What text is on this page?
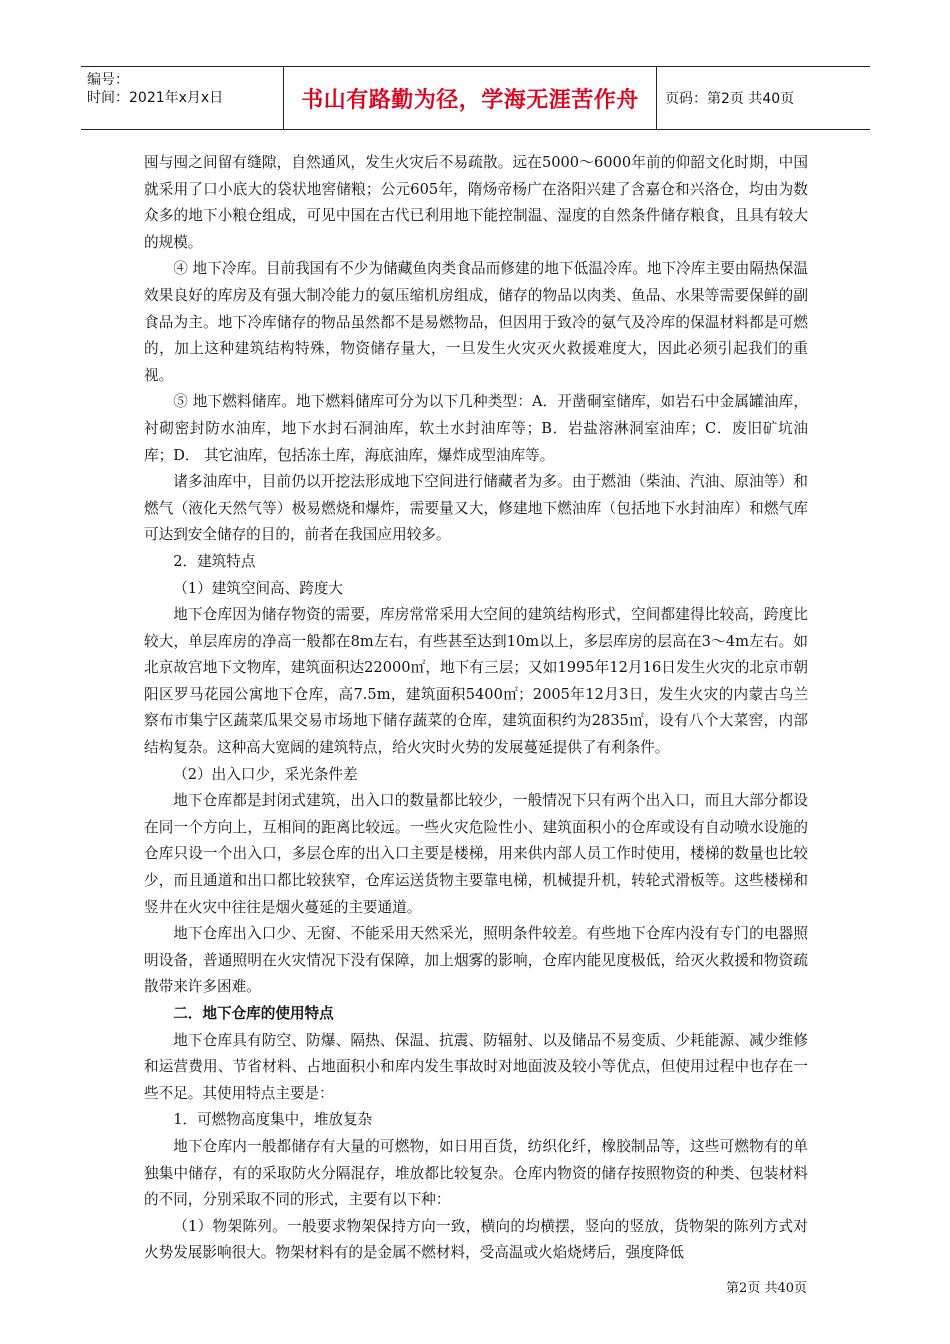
编号：
时间：2021年x月x日	书山有路勤为径，学海无涯苦作舟	页码：第2页 共40页

囤与囤之间留有缝隙，自然通风，发生火灾后不易疏散。远在5000～6000年前的仰韶文化时期，中国就采用了口小底大的袋状地窖储粮；公元605年，隋炀帝杨广在洛阳兴建了含嘉仓和兴洛仓，均由为数众多的地下小粮仓组成，可见中国在古代已利用地下能控制温、湿度的自然条件储存粮食，且具有较大的规模。

④ 地下冷库。目前我国有不少为储藏鱼肉类食品而修建的地下低温冷库。地下冷库主要由隔热保温效果良好的库房及有强大制冷能力的氨压缩机房组成，储存的物品以肉类、鱼品、水果等需要保鲜的副食品为主。地下冷库储存的物品虽然都不是易燃物品，但因用于致冷的氨气及冷库的保温材料都是可燃的，加上这种建筑结构特殊，物资储存量大，一旦发生火灾灭火救援难度大，因此必须引起我们的重视。

⑤ 地下燃料储库。地下燃料储库可分为以下几种类型：A．开凿硐室储库，如岩石中金属罐油库，衬砌密封防水油库，地下水封石洞油库，软土水封油库等；B．岩盐溶淋洞室油库；C．废旧矿坑油库；D． 其它油库，包括冻土库，海底油库，爆炸成型油库等。

诸多油库中，目前仍以开挖法形成地下空间进行储藏者为多。由于燃油（柴油、汽油、原油等）和燃气（液化天然气等）极易燃烧和爆炸，需要量又大，修建地下燃油库（包括地下水封油库）和燃气库可达到安全储存的目的，前者在我国应用较多。

2．建筑特点

（1）建筑空间高、跨度大

地下仓库因为储存物资的需要，库房常常采用大空间的建筑结构形式，空间都建得比较高，跨度比较大，单层库房的净高一般都在8m左右，有些甚至达到10m以上，多层库房的层高在3～4m左右。如北京故宫地下文物库，建筑面积达22000㎡，地下有三层；又如1995年12月16日发生火灾的北京市朝阳区罗马花园公寓地下仓库，高7.5m，建筑面积5400㎡；2005年12月3日，发生火灾的内蒙古乌兰察布市集宁区蔬菜瓜果交易市场地下储存蔬菜的仓库，建筑面积约为2835㎡，设有八个大菜窖，内部结构复杂。这种高大宽阔的建筑特点，给火灾时火势的发展蔓延提供了有利条件。

（2）出入口少，采光条件差

地下仓库都是封闭式建筑，出入口的数量都比较少，一般情况下只有两个出入口，而且大部分都设在同一个方向上，互相间的距离比较远。一些火灾危险性小、建筑面积小的仓库或设有自动喷水设施的仓库只设一个出入口，多层仓库的出入口主要是楼梯，用来供内部人员工作时使用，楼梯的数量也比较少，而且通道和出口都比较狭窄，仓库运送货物主要靠电梯，机械提升机，转轮式滑板等。这些楼梯和竖井在火灾中往往是烟火蔓延的主要通道。

地下仓库出入口少、无窗、不能采用天然采光，照明条件较差。有些地下仓库内没有专门的电器照明设备，普通照明在火灾情况下没有保障，加上烟雾的影响，仓库内能见度极低，给灭火救援和物资疏散带来许多困难。

二．地下仓库的使用特点

地下仓库具有防空、防爆、隔热、保温、抗震、防辐射、以及储品不易变质、少耗能源、减少维修和运营费用、节省材料、占地面积小和库内发生事故时对地面波及较小等优点，但使用过程中也存在一些不足。其使用特点主要是：

1．可燃物高度集中，堆放复杂

地下仓库内一般都储存有大量的可燃物，如日用百货，纺织化纤，橡胶制品等，这些可燃物有的单独集中储存，有的采取防火分隔混存，堆放都比较复杂。仓库内物资的储存按照物资的种类、包装材料的不同，分别采取不同的形式，主要有以下种：

（1）物架陈列。一般要求物架保持方向一致，横向的均横摆，竖向的竖放，货物架的陈列方式对火势发展影响很大。物架材料有的是金属不燃材料，受高温或火焰烧烤后，强度降低

第2页 共40页
